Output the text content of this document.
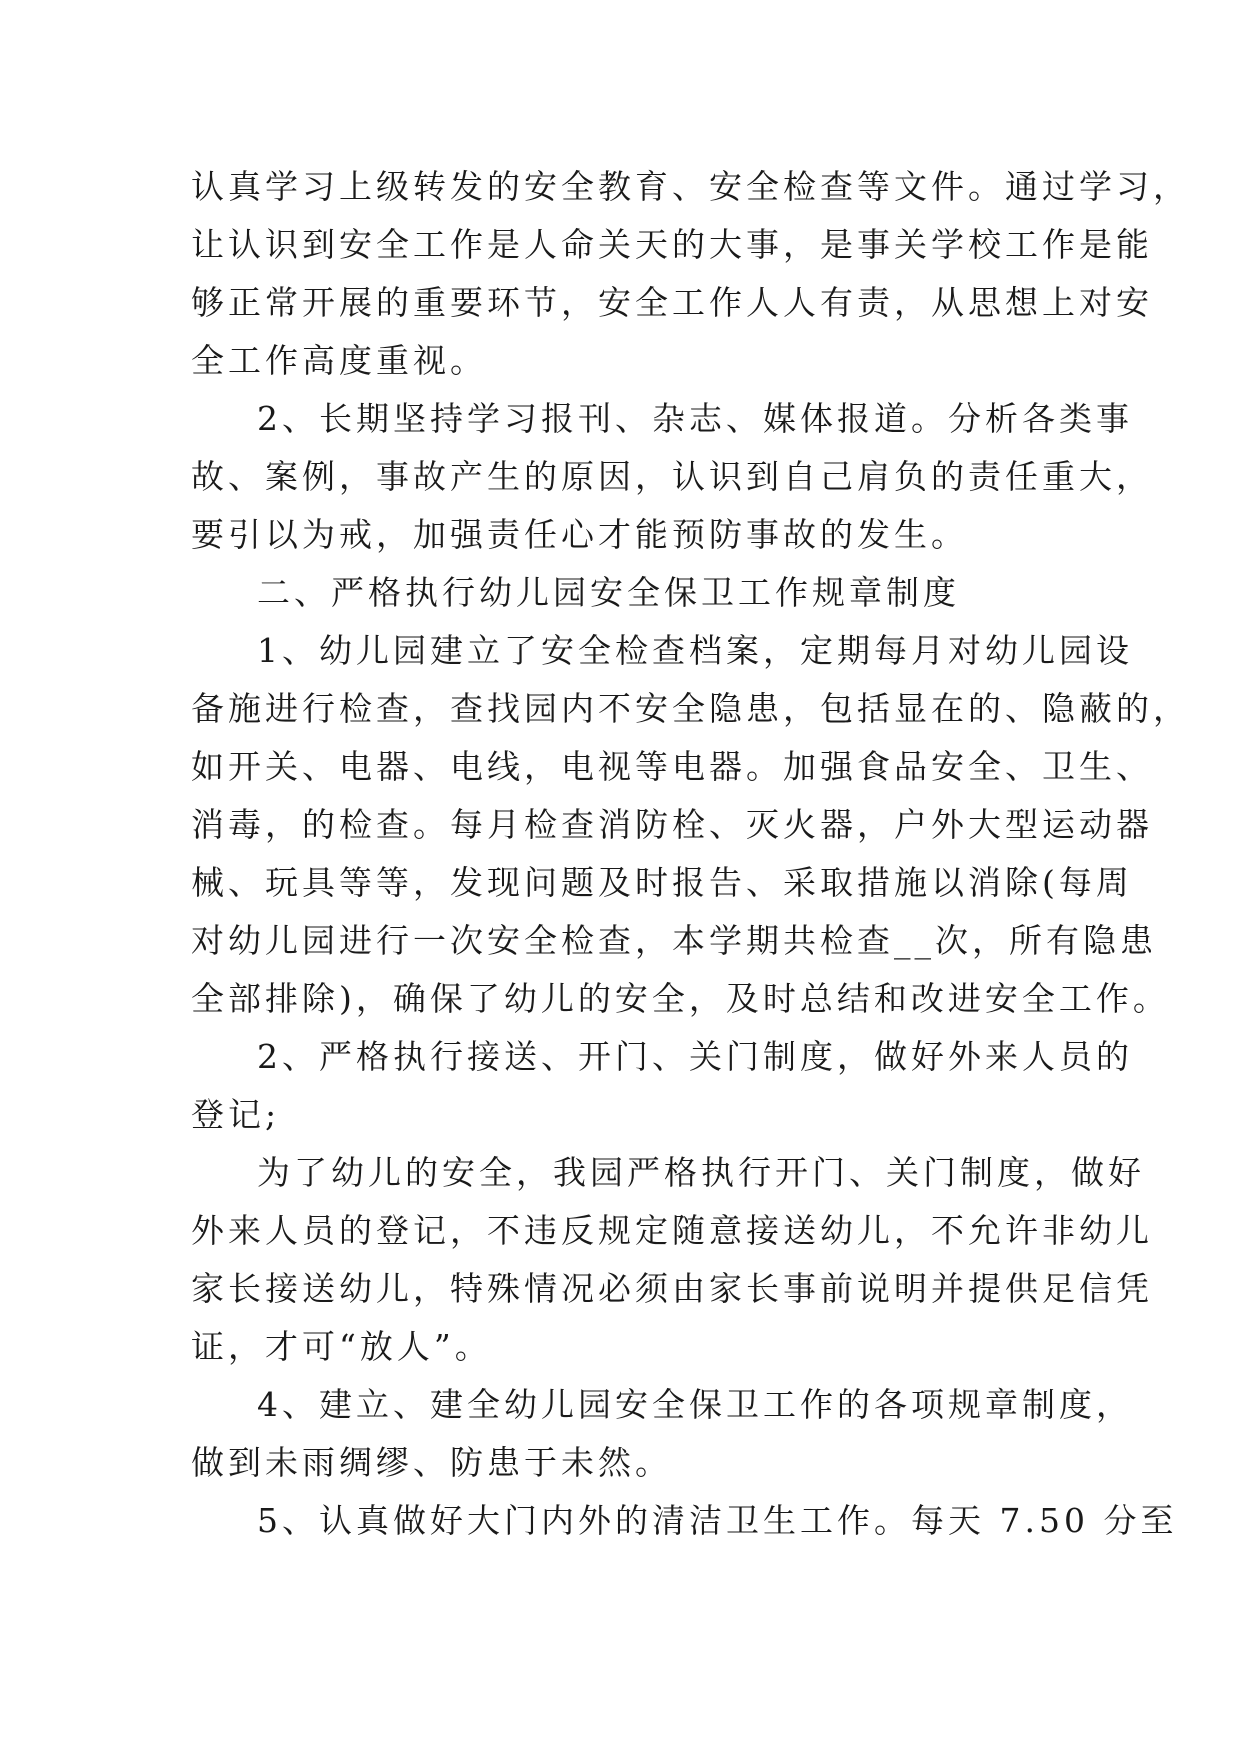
认真学习上级转发的安全教育、安全检查等文件。通过学习，
让认识到安全工作是人命关天的大事，是事关学校工作是能
够正常开展的重要环节，安全工作人人有责，从思想上对安
全工作高度重视。
2、长期坚持学习报刊、杂志、媒体报道。分析各类事
故、案例，事故产生的原因，认识到自己肩负的责任重大，
要引以为戒，加强责任心才能预防事故的发生。
二、严格执行幼儿园安全保卫工作规章制度
1、幼儿园建立了安全检查档案，定期每月对幼儿园设
备施进行检查，查找园内不安全隐患，包括显在的、隐蔽的，
如开关、电器、电线，电视等电器。加强食品安全、卫生、
消毒，的检查。每月检查消防栓、灭火器，户外大型运动器
械、玩具等等，发现问题及时报告、采取措施以消除(每周
对幼儿园进行一次安全检查，本学期共检查__次，所有隐患
全部排除)，确保了幼儿的安全，及时总结和改进安全工作。
2、严格执行接送、开门、关门制度，做好外来人员的
登记;
为了幼儿的安全，我园严格执行开门、关门制度，做好
外来人员的登记，不违反规定随意接送幼儿，不允许非幼儿
家长接送幼儿，特殊情况必须由家长事前说明并提供足信凭
证，才可“放人”。
4、建立、建全幼儿园安全保卫工作的各项规章制度，
做到未雨绸缪、防患于未然。
5、认真做好大门内外的清洁卫生工作。每天 7.50 分至
